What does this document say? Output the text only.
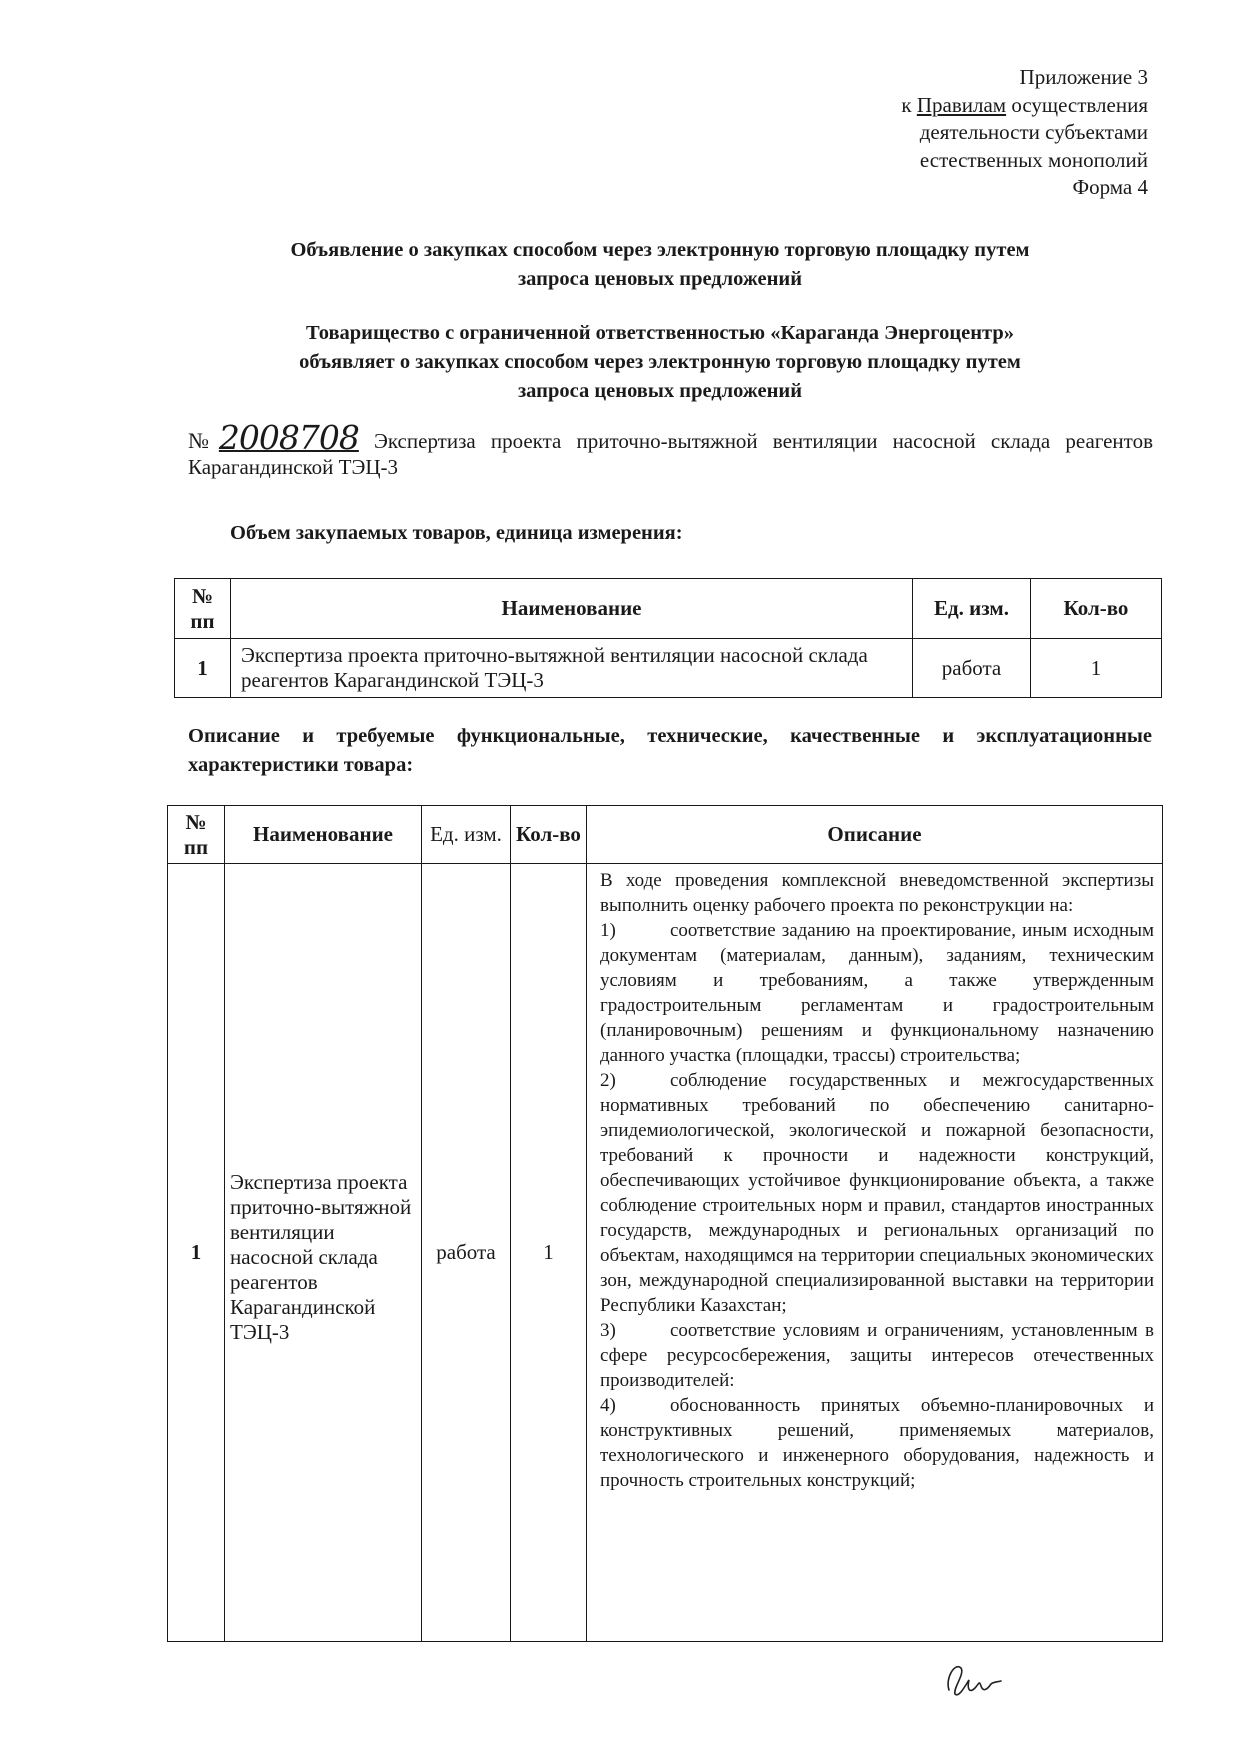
Приложение 3
к Правилам осуществления
деятельности субъектами
естественных монополий
Форма 4
Объявление о закупках способом через электронную торговую площадку путем
запроса ценовых предложений
Товарищество с ограниченной ответственностью «Караганда Энергоцентр»
объявляет о закупках способом через электронную торговую площадку путем
запроса ценовых предложений
№2008708 Экспертиза проекта приточно-вытяжной вентиляции насосной склада реагентов Карагандинской ТЭЦ-3
Объем закупаемых товаров, единица измерения:
№ пп	Наименование	Ед. изм.	Кол-во
1	Экспертиза проекта приточно-вытяжной вентиляции насосной склада реагентов Карагандинской ТЭЦ-3	работа	1
Описание и требуемые функциональные, технические, качественные и эксплуатационные характеристики товара:
№ пп	Наименование	Ед. изм.	Кол-во	Описание
1	Экспертиза проекта приточно-вытяжной вентиляции насосной склада реагентов Карагандинской ТЭЦ-3	работа	1	В ходе проведения комплексной вневедомственной экспертизы выполнить оценку рабочего проекта по реконструкции на:

1) соответствие заданию на проектирование, иным исходным документам (материалам, данным), заданиям, техническим условиям и требованиям, а также утвержденным градостроительным регламентам и градостроительным (планировочным) решениям и функциональному назначению данного участка (площадки, трассы) строительства;

2) соблюдение государственных и межгосударственных нормативных требований по обеспечению санитарно-эпидемиологической, экологической и пожарной безопасности, требований к прочности и надежности конструкций, обеспечивающих устойчивое функционирование объекта, а также соблюдение строительных норм и правил, стандартов иностранных государств, международных и региональных организаций по объектам, находящимся на территории специальных экономических зон, международной специализированной выставки на территории Республики Казахстан;

3) соответствие условиям и ограничениям, установленным в сфере ресурсосбережения, защиты интересов отечественных производителей:

4) обоснованность принятых объемно-планировочных и конструктивных решений, применяемых материалов, технологического и инженерного оборудования, надежность и прочность строительных конструкций;
